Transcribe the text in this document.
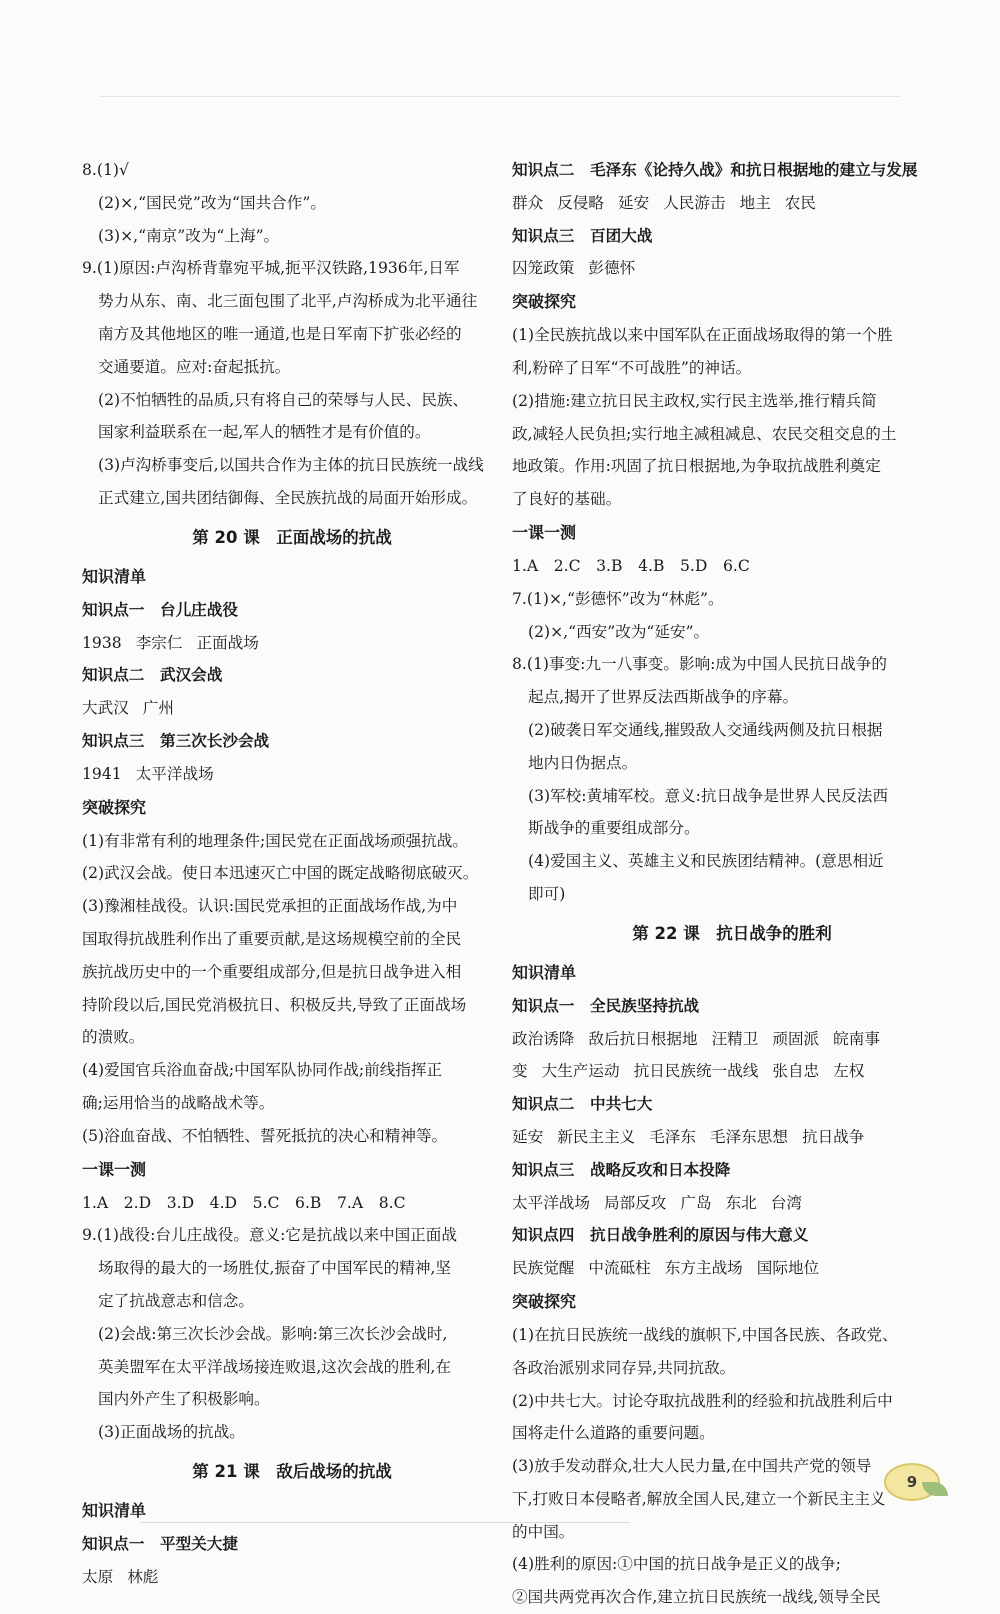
8.(1)√
(2)×,“国民党”改为“国共合作”。
(3)×,“南京”改为“上海”。
9.(1)原因:卢沟桥背靠宛平城,扼平汉铁路,1936年,日军
势力从东、南、北三面包围了北平,卢沟桥成为北平通往
南方及其他地区的唯一通道,也是日军南下扩张必经的
交通要道。应对:奋起抵抗。
(2)不怕牺牲的品质,只有将自己的荣辱与人民、民族、
国家利益联系在一起,军人的牺牲才是有价值的。
(3)卢沟桥事变后,以国共合作为主体的抗日民族统一战线
正式建立,国共团结御侮、全民族抗战的局面开始形成。
第 20 课　正面战场的抗战
知识清单
知识点一　台儿庄战役
1938 李宗仁 正面战场
知识点二　武汉会战
大武汉 广州
知识点三　第三次长沙会战
1941 太平洋战场
突破探究
(1)有非常有利的地理条件;国民党在正面战场顽强抗战。
(2)武汉会战。使日本迅速灭亡中国的既定战略彻底破灭。
(3)豫湘桂战役。认识:国民党承担的正面战场作战,为中
国取得抗战胜利作出了重要贡献,是这场规模空前的全民
族抗战历史中的一个重要组成部分,但是抗日战争进入相
持阶段以后,国民党消极抗日、积极反共,导致了正面战场
的溃败。
(4)爱国官兵浴血奋战;中国军队协同作战;前线指挥正
确;运用恰当的战略战术等。
(5)浴血奋战、不怕牺牲、誓死抵抗的决心和精神等。
一课一测
1.A　2.D　3.D　4.D　5.C　6.B　7.A　8.C
9.(1)战役:台儿庄战役。意义:它是抗战以来中国正面战
场取得的最大的一场胜仗,振奋了中国军民的精神,坚
定了抗战意志和信念。
(2)会战:第三次长沙会战。影响:第三次长沙会战时,
英美盟军在太平洋战场接连败退,这次会战的胜利,在
国内外产生了积极影响。
(3)正面战场的抗战。
第 21 课　敌后战场的抗战
知识清单
知识点一　平型关大捷
太原 林彪
知识点二　毛泽东《论持久战》和抗日根据地的建立与发展
群众 反侵略 延安 人民游击 地主 农民
知识点三　百团大战
囚笼政策 彭德怀
突破探究
(1)全民族抗战以来中国军队在正面战场取得的第一个胜
利,粉碎了日军“不可战胜”的神话。
(2)措施:建立抗日民主政权,实行民主选举,推行精兵简
政,减轻人民负担;实行地主减租减息、农民交租交息的土
地政策。作用:巩固了抗日根据地,为争取抗战胜利奠定
了良好的基础。
一课一测
1.A　2.C　3.B　4.B　5.D　6.C
7.(1)×,“彭德怀”改为“林彪”。
(2)×,“西安”改为“延安”。
8.(1)事变:九一八事变。影响:成为中国人民抗日战争的
起点,揭开了世界反法西斯战争的序幕。
(2)破袭日军交通线,摧毁敌人交通线两侧及抗日根据
地内日伪据点。
(3)军校:黄埔军校。意义:抗日战争是世界人民反法西
斯战争的重要组成部分。
(4)爱国主义、英雄主义和民族团结精神。(意思相近
即可)
第 22 课　抗日战争的胜利
知识清单
知识点一　全民族坚持抗战
政治诱降 敌后抗日根据地 汪精卫 顽固派 皖南事
变 大生产运动 抗日民族统一战线 张自忠 左权
知识点二　中共七大
延安 新民主主义 毛泽东 毛泽东思想 抗日战争
知识点三　战略反攻和日本投降
太平洋战场 局部反攻 广岛 东北 台湾
知识点四　抗日战争胜利的原因与伟大意义
民族觉醒 中流砥柱 东方主战场 国际地位
突破探究
(1)在抗日民族统一战线的旗帜下,中国各民族、各政党、
各政治派别求同存异,共同抗敌。
(2)中共七大。讨论夺取抗战胜利的经验和抗战胜利后中
国将走什么道路的重要问题。
(3)放手发动群众,壮大人民力量,在中国共产党的领导
下,打败日本侵略者,解放全国人民,建立一个新民主主义
的中国。
(4)胜利的原因:①中国的抗日战争是正义的战争;
②国共两党再次合作,建立抗日民族统一战线,领导全民
9
